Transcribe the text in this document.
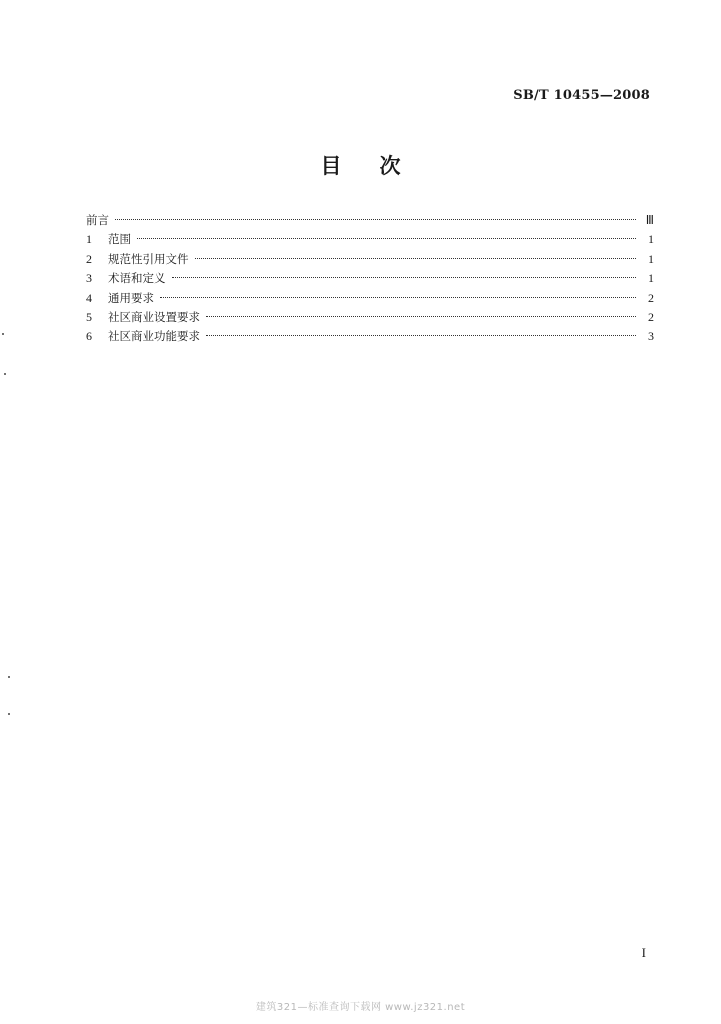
SB/T 10455—2008
目次
前言	Ⅲ
1	范围	1
2	规范性引用文件	1
3	术语和定义	1
4	通用要求	2
5	社区商业设置要求	2
6	社区商业功能要求	3
I
建筑321—标准查询下载网 www.jz321.net
